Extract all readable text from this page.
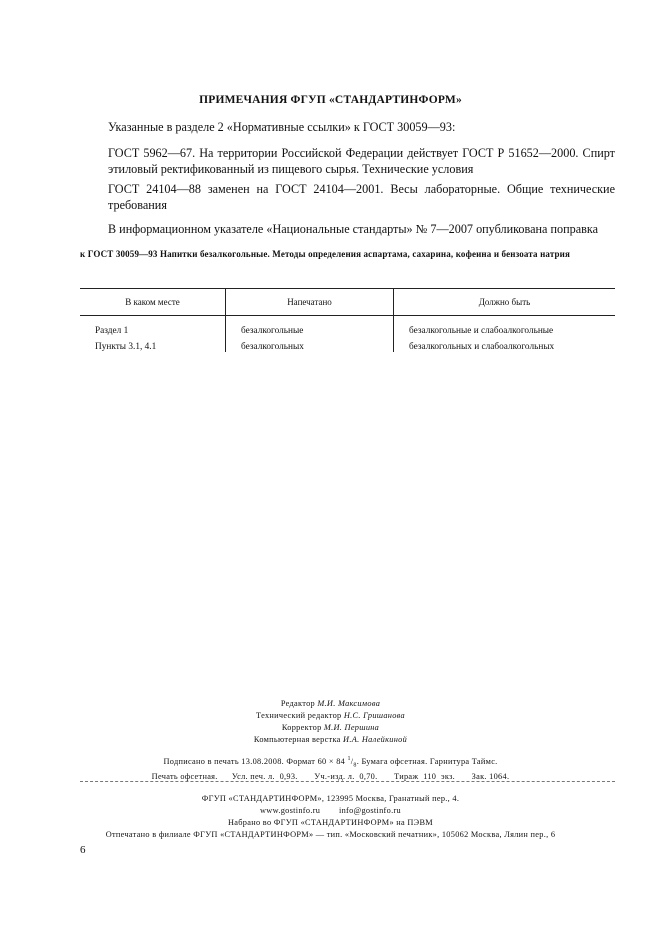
ПРИМЕЧАНИЯ ФГУП «СТАНДАРТИНФОРМ»
Указанные в разделе 2 «Нормативные ссылки» к ГОСТ 30059—93:
ГОСТ 5962—67. На территории Российской Федерации действует ГОСТ Р 51652—2000. Спирт этиловый ректификованный из пищевого сырья. Технические условия
ГОСТ 24104—88 заменен на ГОСТ 24104—2001. Весы лабораторные. Общие технические требования
В информационном указателе «Национальные стандарты» № 7—2007 опубликована поправка
к ГОСТ 30059—93 Напитки безалкогольные. Методы определения аспартама, сахарина, кофеина и бензоата натрия
В каком месте	Напечатано	Должно быть
Раздел 1	безалкогольные	безалкогольные и слабоалкогольные
Пункты 3.1, 4.1	безалкогольных	безалкогольных и слабоалкогольных
Редактор М.И. Максимова
Технический редактор Н.С. Гришанова
Корректор М.И. Першина
Компьютерная верстка И.А. Налейкиной
Подписано в печать 13.08.2008. Формат 60 × 84 $^1/_8$. Бумага офсетная. Гарнитура Таймс.
Печать офсетная.      Усл. печ. л.  0,93.       Уч.-изд. л.  0,70.       Тираж  110  экз.       Зак. 1064.
ФГУП «СТАНДАРТИНФОРМ», 123995 Москва, Гранатный пер., 4.
www.gostinfo.ru info@gostinfo.ru
Набрано во ФГУП «СТАНДАРТИНФОРМ» на ПЭВМ
Отпечатано в филиале ФГУП «СТАНДАРТИНФОРМ» — тип. «Московский печатник», 105062 Москва, Лялин пер., 6
6
